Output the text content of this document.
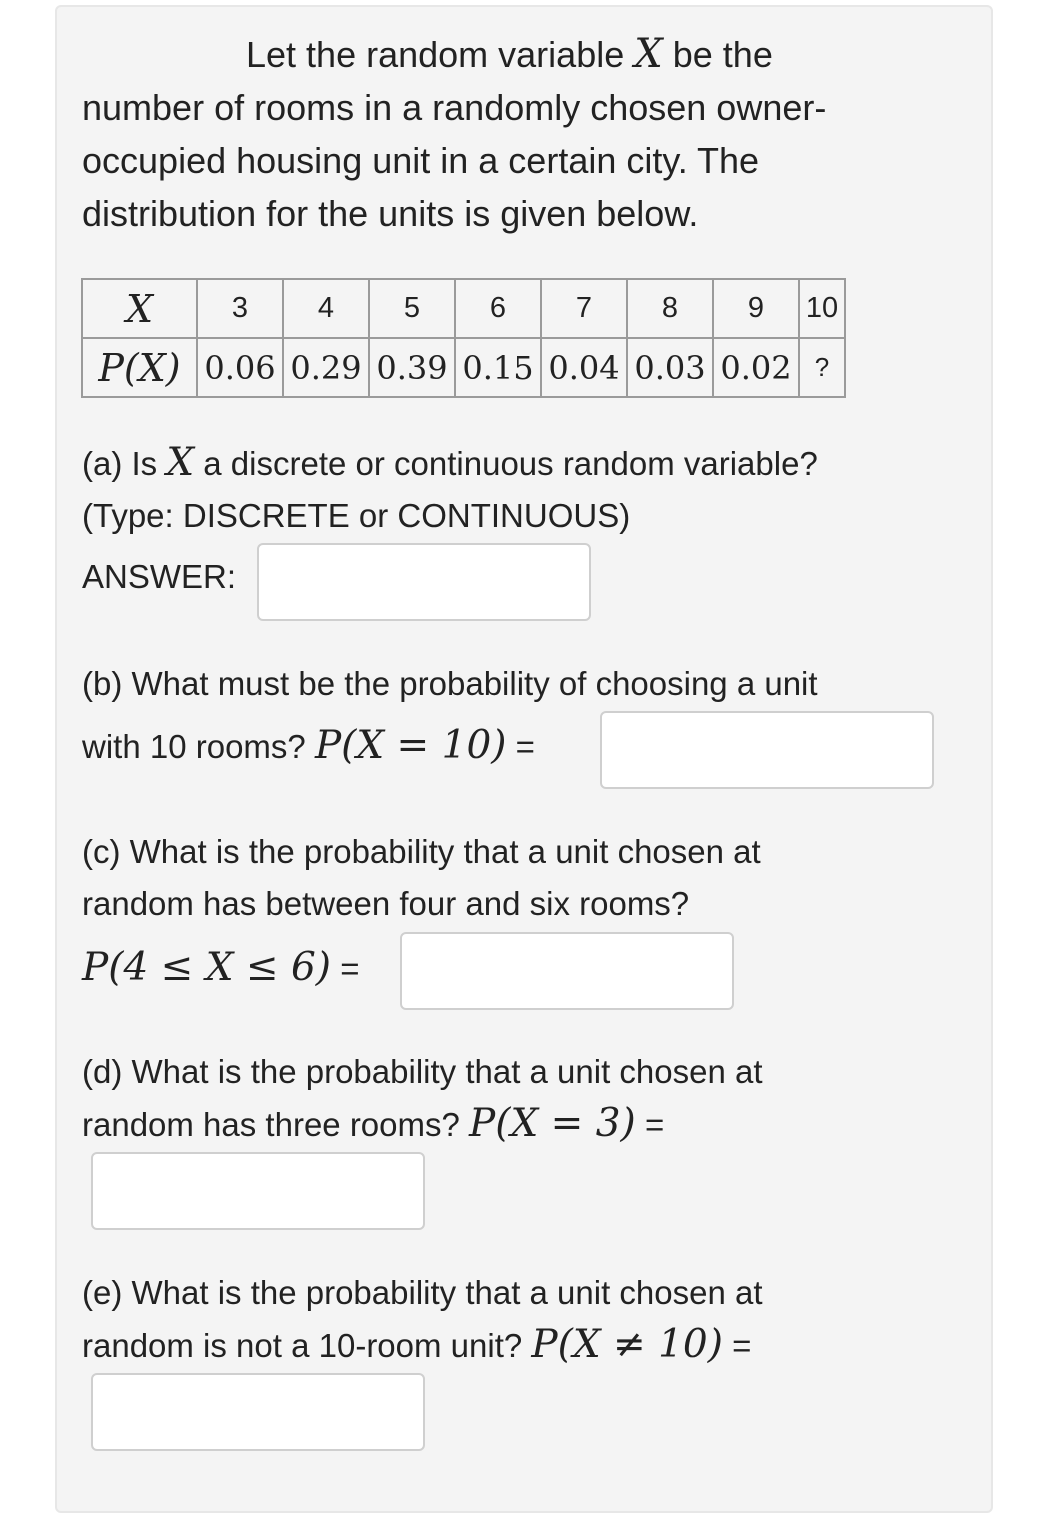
Let the random variable X be the
number of rooms in a randomly chosen owner-
occupied housing unit in a certain city. The
distribution for the units is given below.
X	3	4	5	6	7	8	9	10
P(X)	0.06	0.29	0.39	0.15	0.04	0.03	0.02	?
(a) Is X a discrete or continuous random variable?
(Type: DISCRETE or CONTINUOUS)
ANSWER:
(b) What must be the probability of choosing a unit
with 10 rooms? P(X = 10) =
(c) What is the probability that a unit chosen at
random has between four and six rooms?
P(4 ≤ X ≤ 6) =
(d) What is the probability that a unit chosen at
random has three rooms? P(X = 3) =
(e) What is the probability that a unit chosen at
random is not a 10-room unit? P(X ≠ 10) =
